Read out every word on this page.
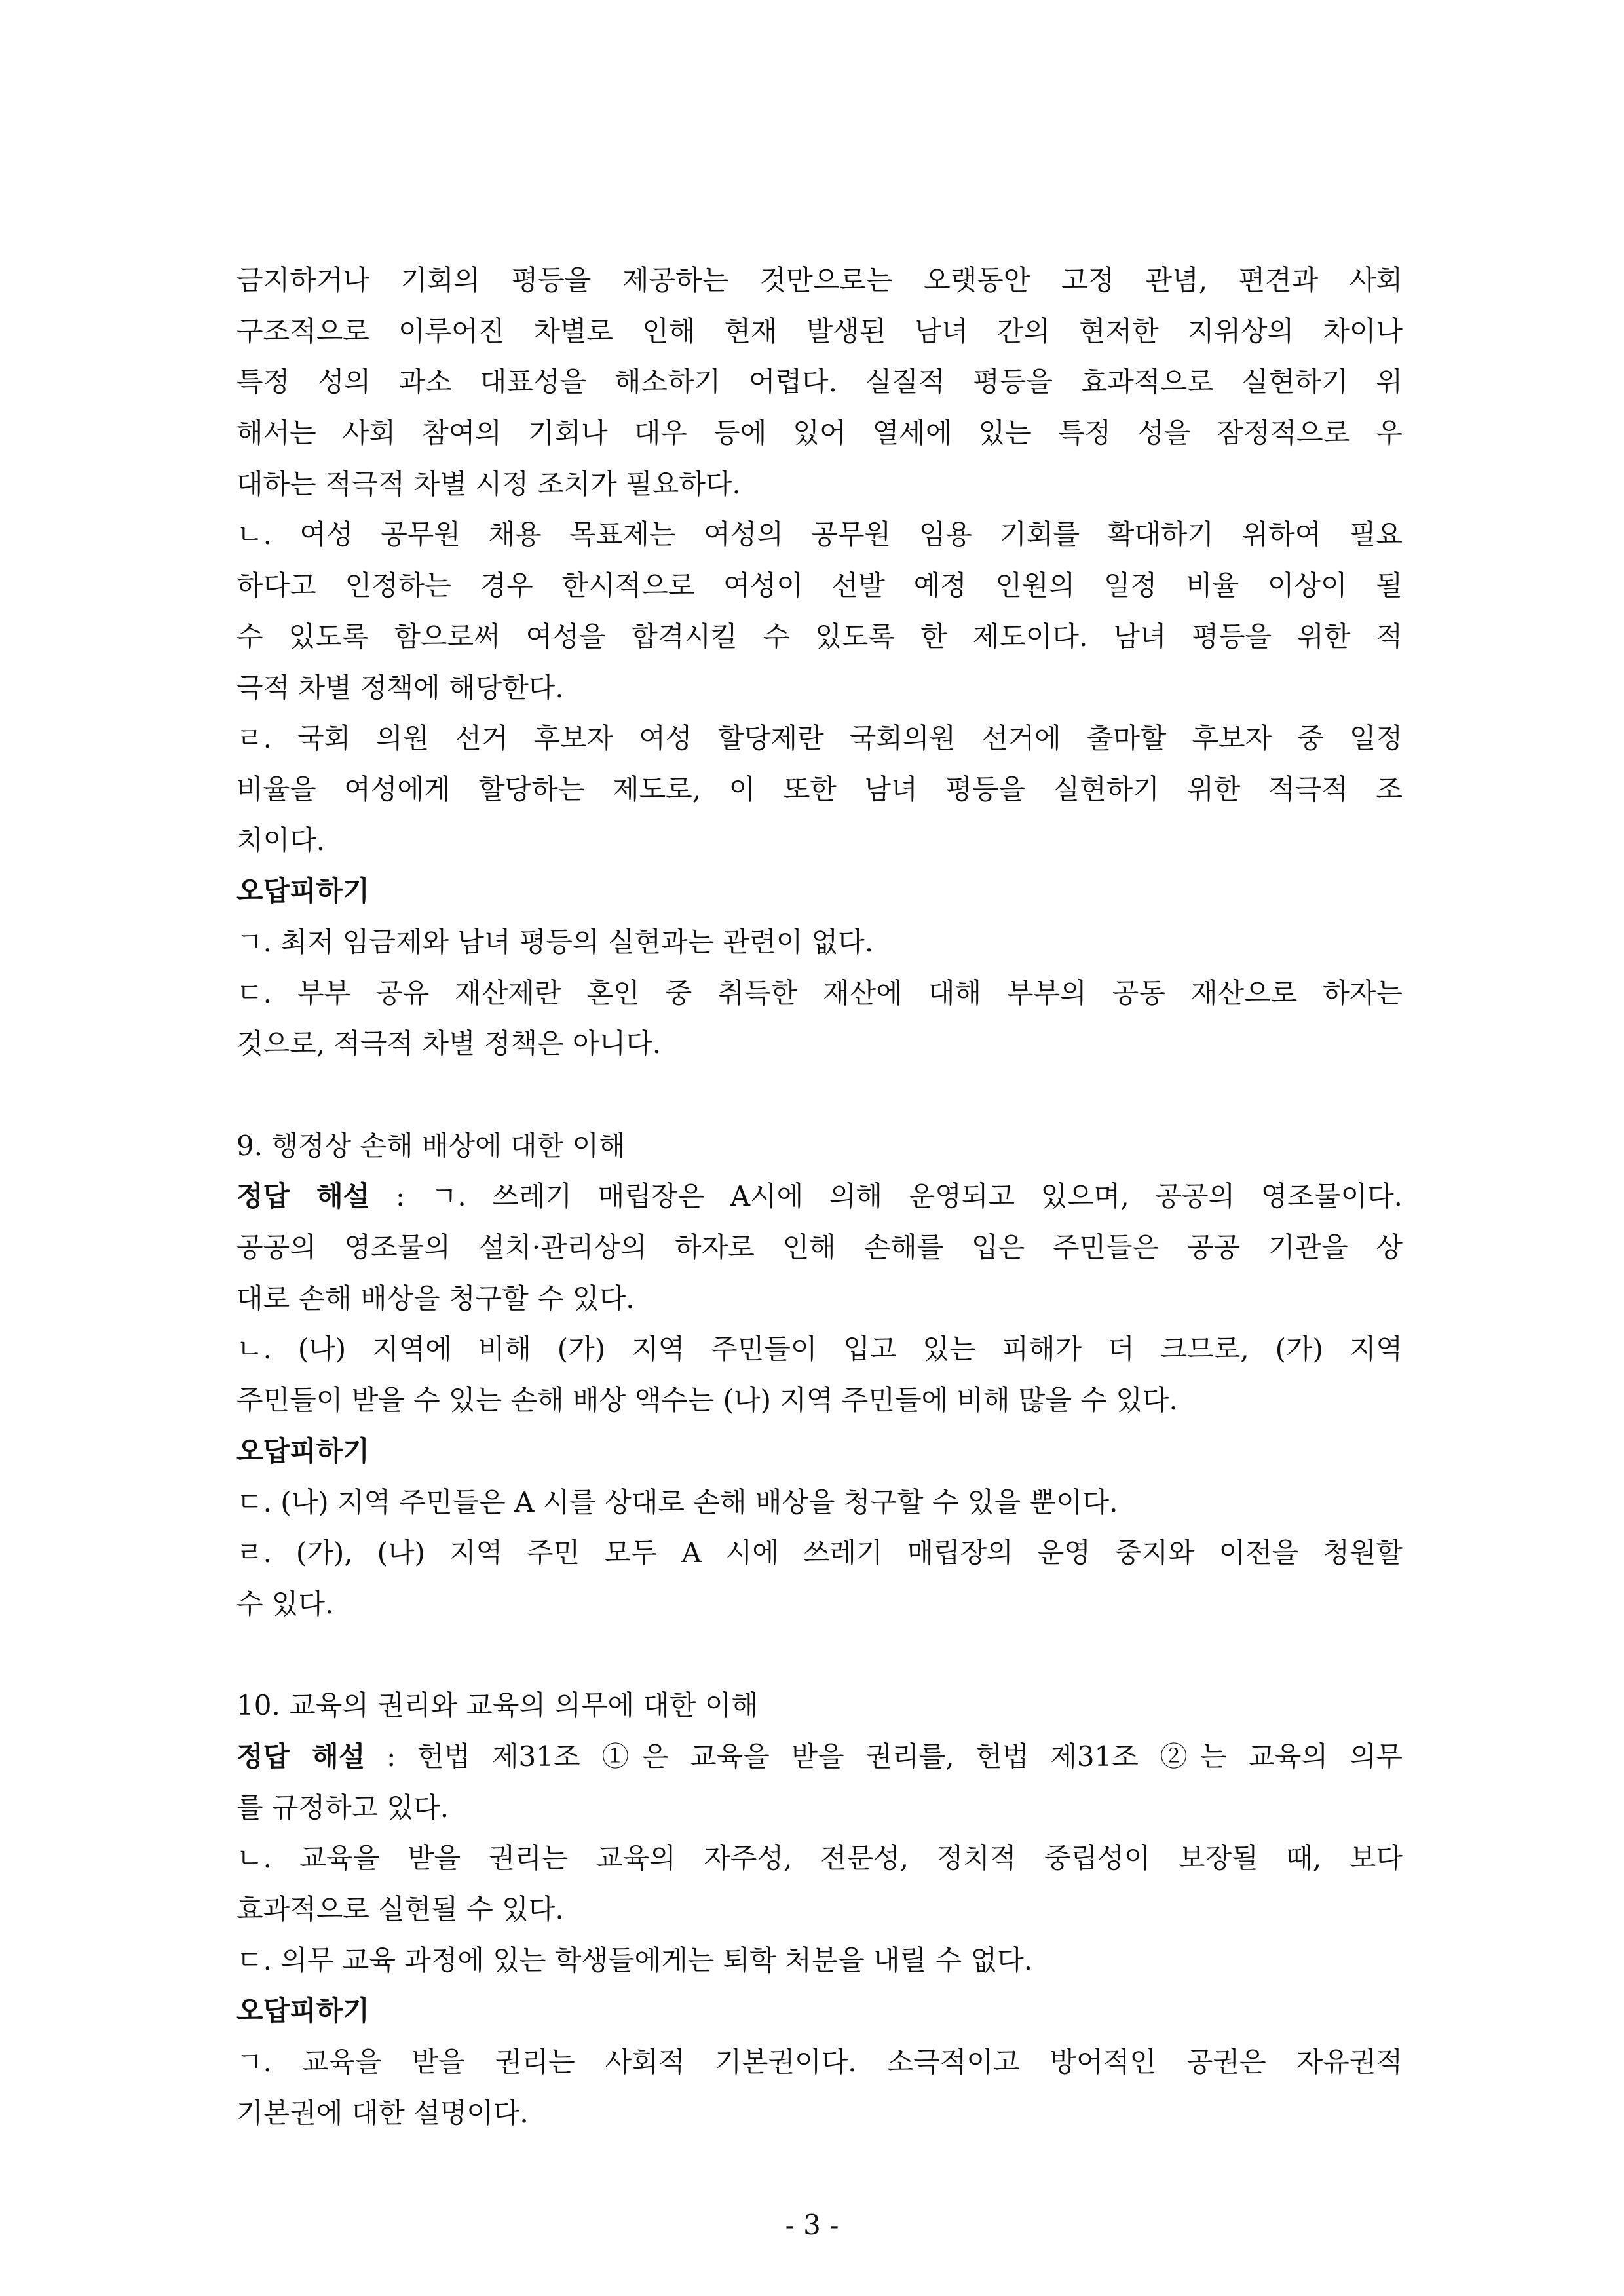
금지하거나 기회의 평등을 제공하는 것만으로는 오랫동안 고정 관념, 편견과 사회
구조적으로 이루어진 차별로 인해 현재 발생된 남녀 간의 현저한 지위상의 차이나
특정 성의 과소 대표성을 해소하기 어렵다. 실질적 평등을 효과적으로 실현하기 위
해서는 사회 참여의 기회나 대우 등에 있어 열세에 있는 특정 성을 잠정적으로 우
대하는 적극적 차별 시정 조치가 필요하다.
ㄴ. 여성 공무원 채용 목표제는 여성의 공무원 임용 기회를 확대하기 위하여 필요
하다고 인정하는 경우 한시적으로 여성이 선발 예정 인원의 일정 비율 이상이 될
수 있도록 함으로써 여성을 합격시킬 수 있도록 한 제도이다. 남녀 평등을 위한 적
극적 차별 정책에 해당한다.
ㄹ. 국회 의원 선거 후보자 여성 할당제란 국회의원 선거에 출마할 후보자 중 일정
비율을 여성에게 할당하는 제도로, 이 또한 남녀 평등을 실현하기 위한 적극적 조
치이다.
오답피하기
ㄱ. 최저 임금제와 남녀 평등의 실현과는 관련이 없다.
ㄷ. 부부 공유 재산제란 혼인 중 취득한 재산에 대해 부부의 공동 재산으로 하자는
것으로, 적극적 차별 정책은 아니다.
9. 행정상 손해 배상에 대한 이해
정답 해설 : ㄱ. 쓰레기 매립장은 A시에 의해 운영되고 있으며, 공공의 영조물이다.
공공의 영조물의 설치·관리상의 하자로 인해 손해를 입은 주민들은 공공 기관을 상
대로 손해 배상을 청구할 수 있다.
ㄴ. (나) 지역에 비해 (가) 지역 주민들이 입고 있는 피해가 더 크므로, (가) 지역
주민들이 받을 수 있는 손해 배상 액수는 (나) 지역 주민들에 비해 많을 수 있다.
오답피하기
ㄷ. (나) 지역 주민들은 A 시를 상대로 손해 배상을 청구할 수 있을 뿐이다.
ㄹ. (가), (나) 지역 주민 모두 A 시에 쓰레기 매립장의 운영 중지와 이전을 청원할
수 있다.
10. 교육의 권리와 교육의 의무에 대한 이해
정답 해설 : 헌법 제31조 ①은 교육을 받을 권리를, 헌법 제31조 ②는 교육의 의무
를 규정하고 있다.
ㄴ. 교육을 받을 권리는 교육의 자주성, 전문성, 정치적 중립성이 보장될 때, 보다
효과적으로 실현될 수 있다.
ㄷ. 의무 교육 과정에 있는 학생들에게는 퇴학 처분을 내릴 수 없다.
오답피하기
ㄱ. 교육을 받을 권리는 사회적 기본권이다. 소극적이고 방어적인 공권은 자유권적
기본권에 대한 설명이다.
- 3 -
